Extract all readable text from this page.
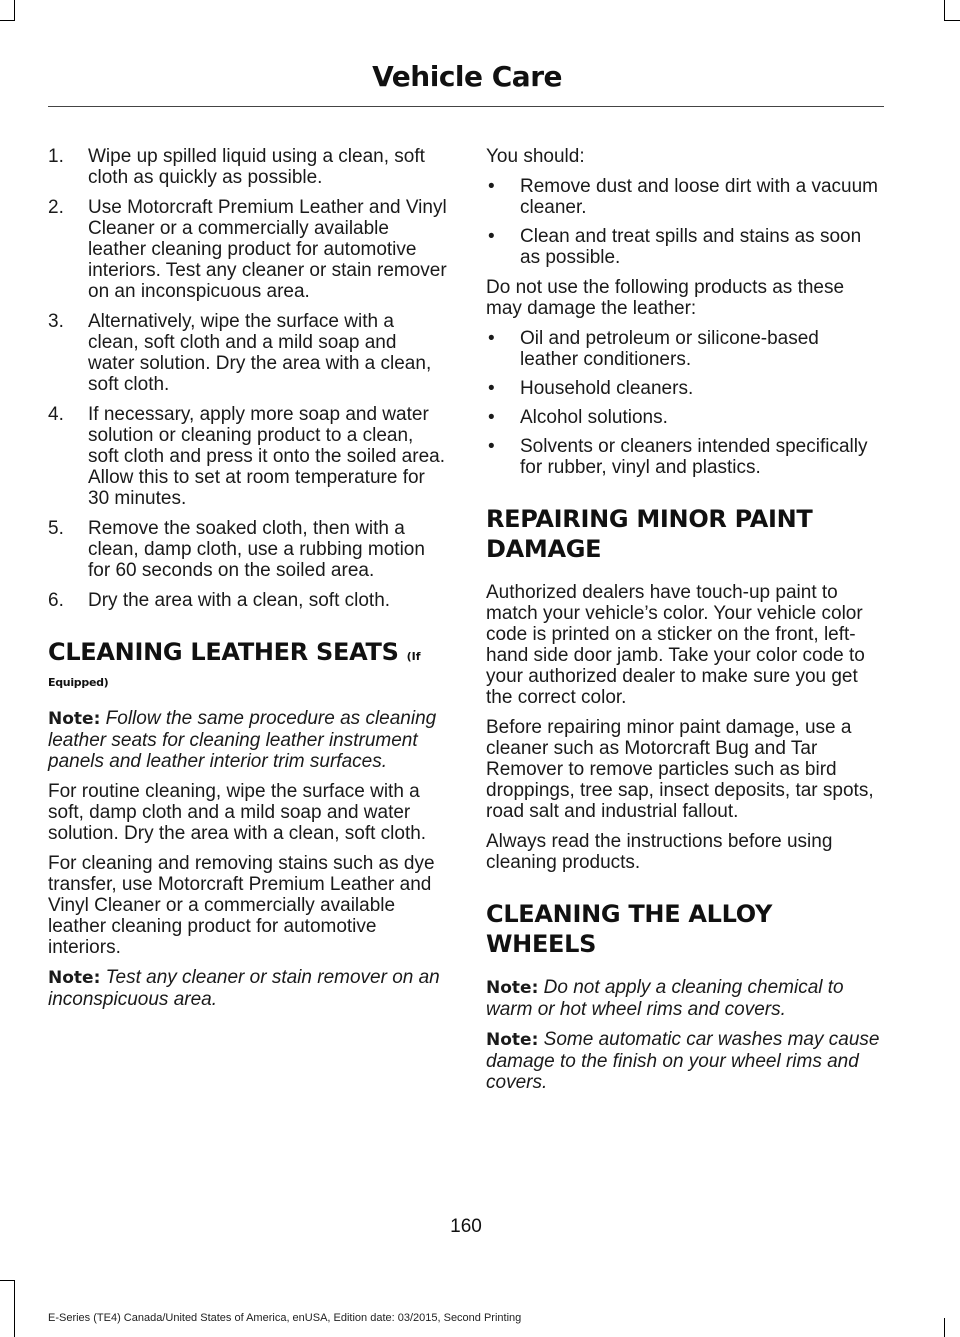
Vehicle Care
1. Wipe up spilled liquid using a clean, soft cloth as quickly as possible.
2. Use Motorcraft Premium Leather and Vinyl Cleaner or a commercially available leather cleaning product for automotive interiors. Test any cleaner or stain remover on an inconspicuous area.
3. Alternatively, wipe the surface with a clean, soft cloth and a mild soap and water solution. Dry the area with a clean, soft cloth.
4. If necessary, apply more soap and water solution or cleaning product to a clean, soft cloth and press it onto the soiled area. Allow this to set at room temperature for 30 minutes.
5. Remove the soaked cloth, then with a clean, damp cloth, use a rubbing motion for 60 seconds on the soiled area.
6. Dry the area with a clean, soft cloth.
CLEANING LEATHER SEATS (If
Equipped)

Note: Follow the same procedure as cleaning leather seats for cleaning leather instrument panels and leather interior trim surfaces.

For routine cleaning, wipe the surface with a soft, damp cloth and a mild soap and water solution. Dry the area with a clean, soft cloth.

For cleaning and removing stains such as dye transfer, use Motorcraft Premium Leather and Vinyl Cleaner or a commercially available leather cleaning product for automotive interiors.

Note: Test any cleaner or stain remover on an inconspicuous area.

You should:

• Remove dust and loose dirt with a vacuum cleaner.
• Clean and treat spills and stains as soon as possible.

Do not use the following products as these may damage the leather:

• Oil and petroleum or silicone-based leather conditioners.
• Household cleaners.
• Alcohol solutions.
• Solvents or cleaners intended specifically for rubber, vinyl and plastics.
REPAIRING MINOR PAINT
DAMAGE

Authorized dealers have touch-up paint to match your vehicle’s color. Your vehicle color code is printed on a sticker on the front, left-hand side door jamb. Take your color code to your authorized dealer to make sure you get the correct color.

Before repairing minor paint damage, use a cleaner such as Motorcraft Bug and Tar Remover to remove particles such as bird droppings, tree sap, insect deposits, tar spots, road salt and industrial fallout.

Always read the instructions before using cleaning products.

CLEANING THE ALLOY
WHEELS

Note: Do not apply a cleaning chemical to warm or hot wheel rims and covers.

Note: Some automatic car washes may cause damage to the finish on your wheel rims and covers.

160

E-Series (TE4) Canada/United States of America, enUSA, Edition date: 03/2015, Second Printing
